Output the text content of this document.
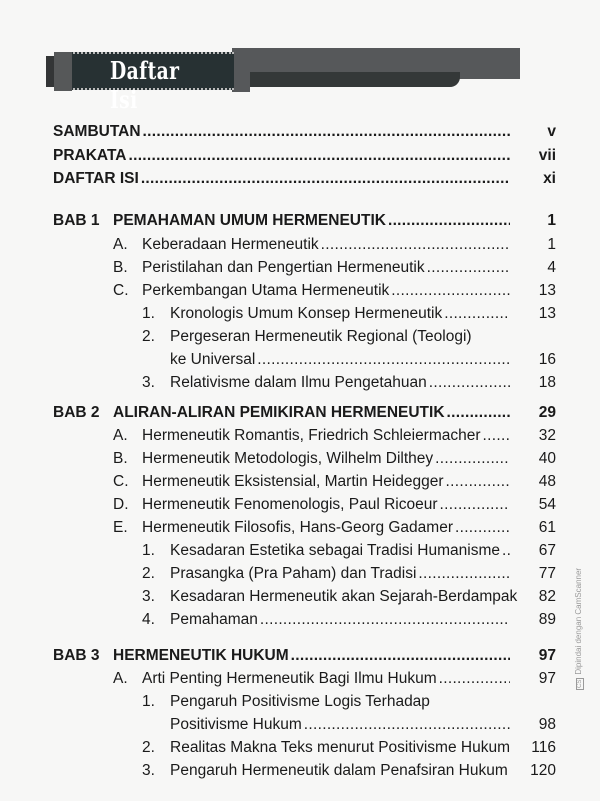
Daftar Isi
SAMBUTAN .....	v
PRAKATA .....	vii
DAFTAR ISI .....	xi
BAB 1 PEMAHAMAN UMUM HERMENEUTIK .....	1
A. Keberadaan Hermeneutik .....	1
B. Peristilahan dan Pengertian Hermeneutik .....	4
C. Perkembangan Utama Hermeneutik .....	13
1. Kronologis Umum Konsep Hermeneutik .....	13
2. Pergeseran Hermeneutik Regional (Teologi)
ke Universal .....	16
3. Relativisme dalam Ilmu Pengetahuan .....	18
BAB 2 ALIRAN-ALIRAN PEMIKIRAN HERMENEUTIK .....	29
A. Hermeneutik Romantis, Friedrich Schleiermacher .....	32
B. Hermeneutik Metodologis, Wilhelm Dilthey .....	40
C. Hermeneutik Eksistensial, Martin Heidegger .....	48
D. Hermeneutik Fenomenologis, Paul Ricoeur .....	54
E. Hermeneutik Filosofis, Hans-Georg Gadamer .....	61
1. Kesadaran Estetika sebagai Tradisi Humanisme .....	67
2. Prasangka (Pra Paham) dan Tradisi .....	77
3. Kesadaran Hermeneutik akan Sejarah-Berdampak	82
4. Pemahaman .....	89
BAB 3 HERMENEUTIK HUKUM .....	97
A. Arti Penting Hermeneutik Bagi Ilmu Hukum .....	97
1. Pengaruh Positivisme Logis Terhadap
Positivisme Hukum .....	98
2. Realitas Makna Teks menurut Positivisme Hukum	116
3. Pengaruh Hermeneutik dalam Penafsiran Hukum .....	120
CSDipindai dengan CamScanner
